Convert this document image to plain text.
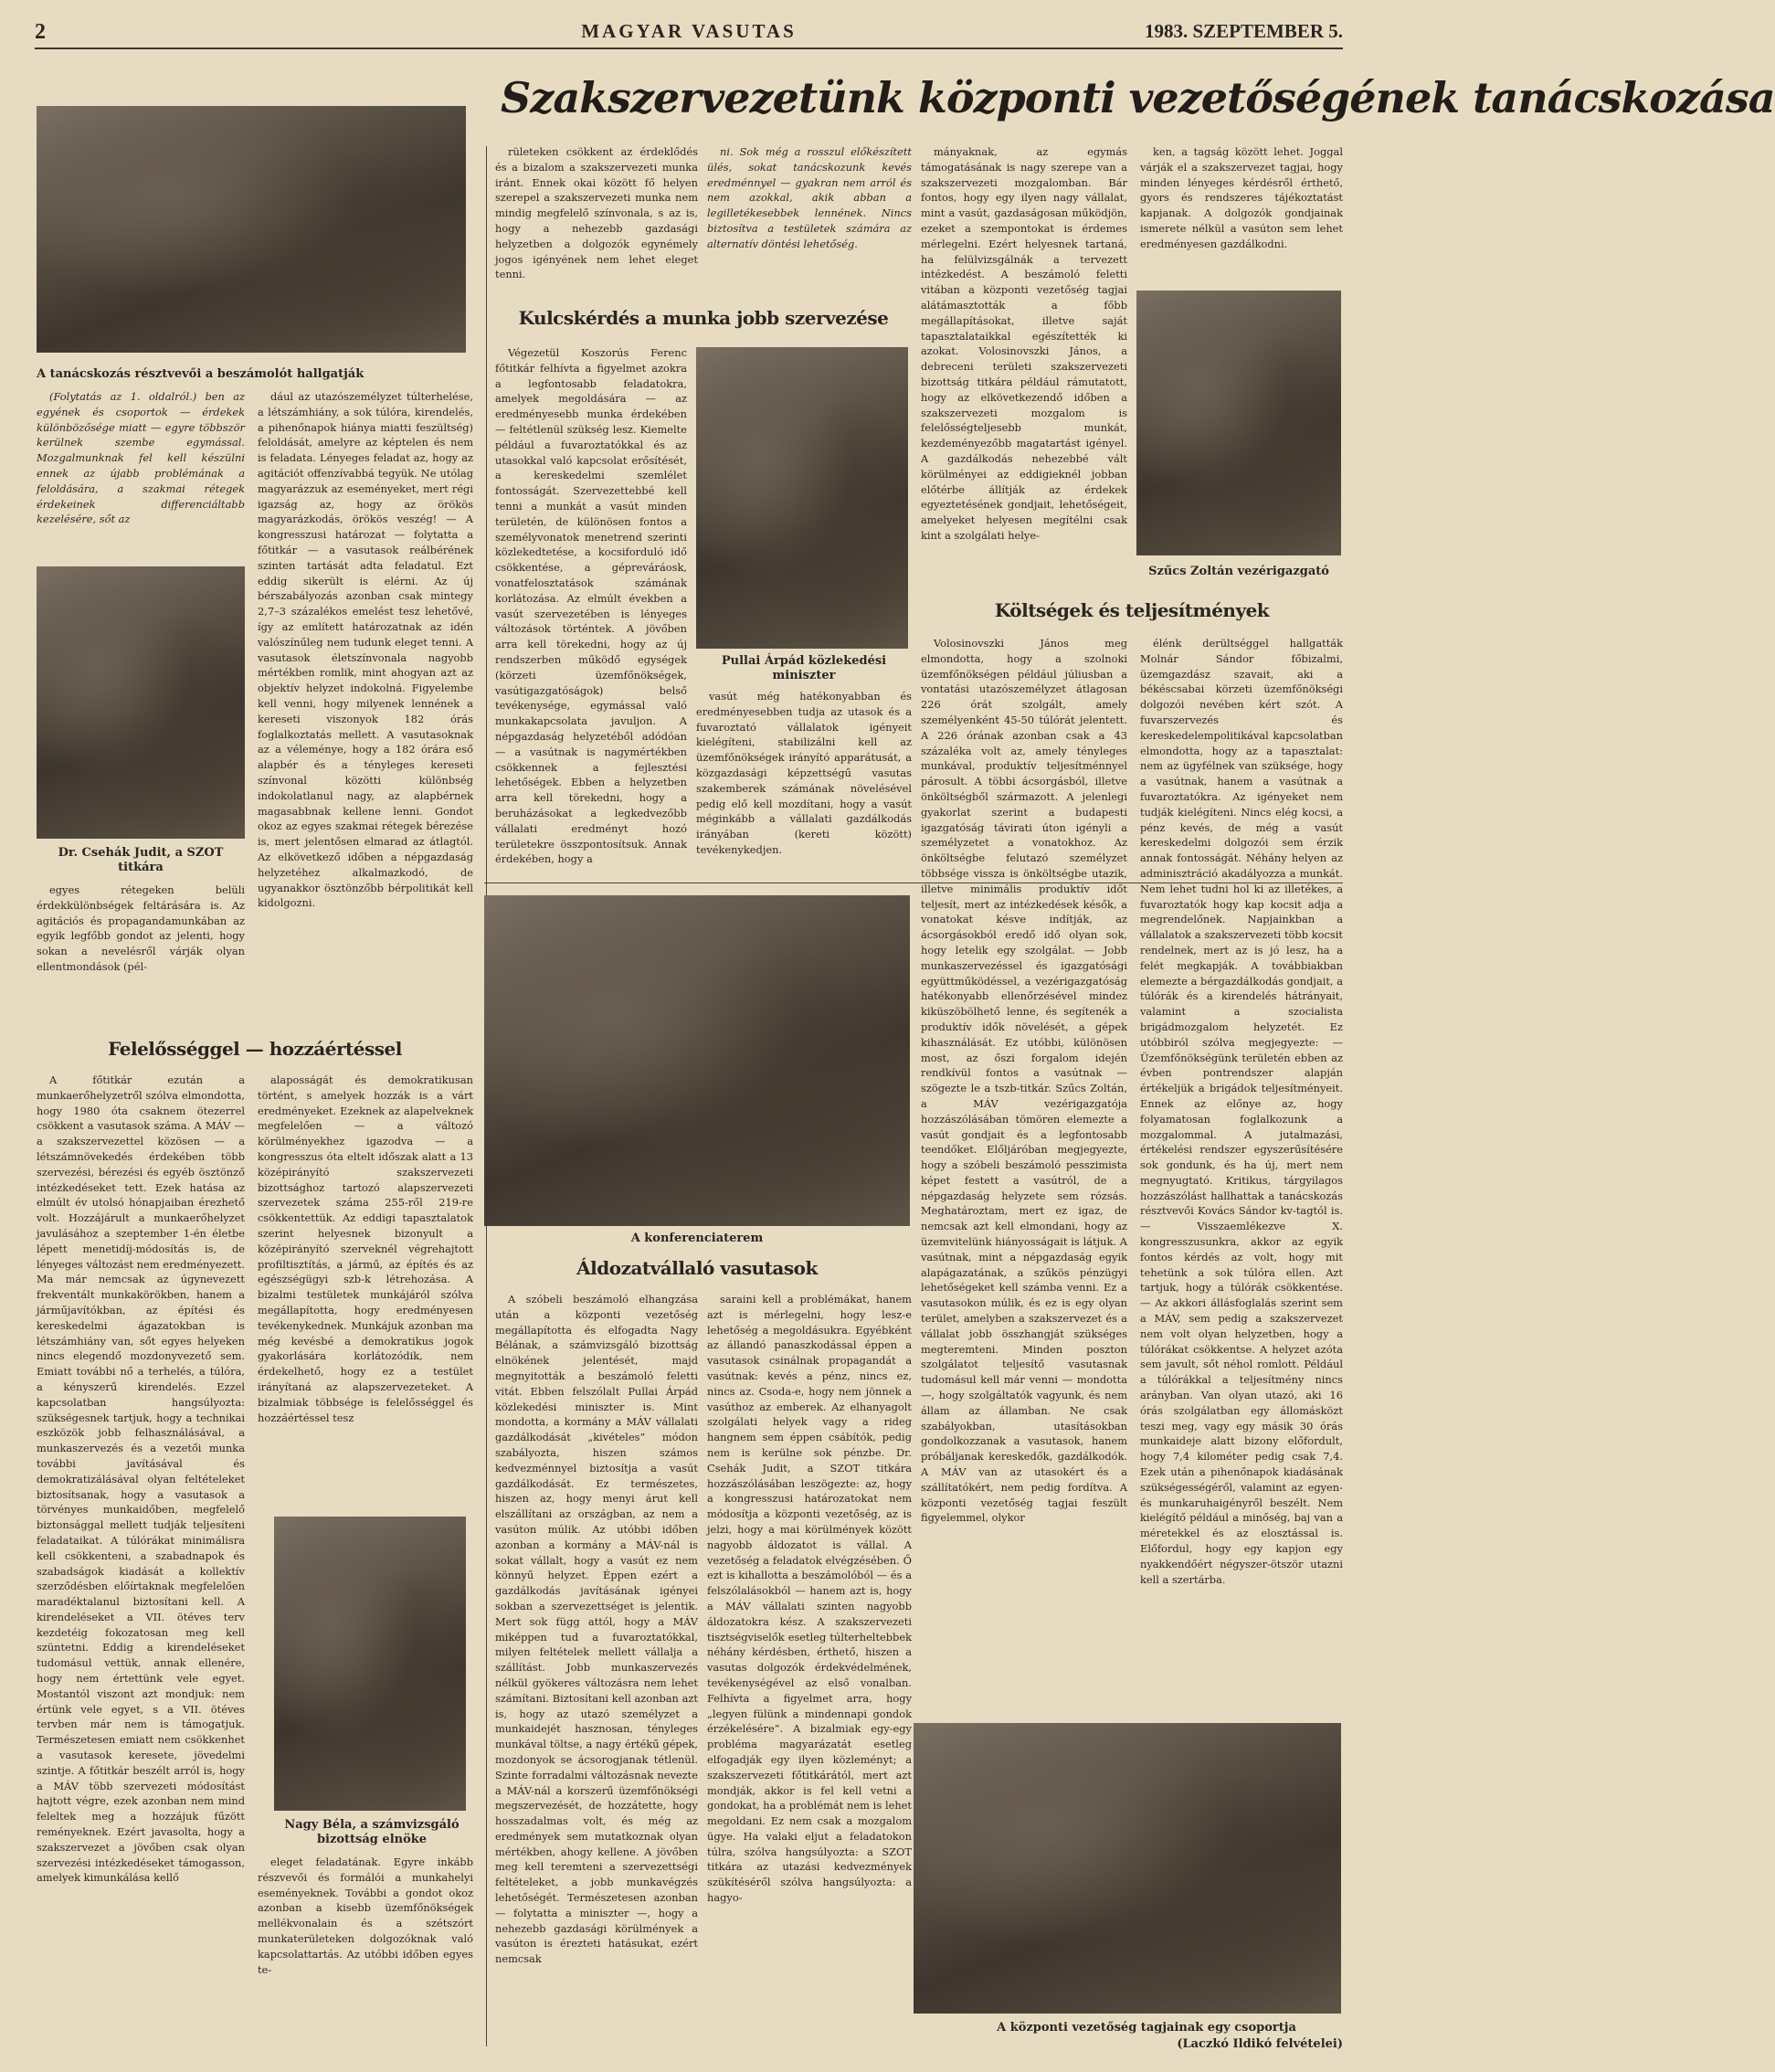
2	MAGYAR VASUTAS	1983. SZEPTEMBER 5.
Szakszervezetünk központi vezetőségének tanácskozása
A tanácskozás résztvevői a beszámolót hallgatják

(Folytatás az 1. oldalról.) ben az egyének és csoportok — érdekek különbözősége miatt — egyre többször kerülnek szembe egymással. Mozgalmunknak fel kell készülni ennek az újabb problémának a feloldására, a szakmai rétegek érdekeinek differenciáltabb kezelésére, sőt az

dául az utazószemélyzet túlterhelése, a létszámhiány, a sok túlóra, kirendelés, a pihenőnapok hiánya miatti feszültség) feloldását, amelyre az képtelen és nem is feladata. Lényeges feladat az, hogy az agitációt offenzívabbá tegyük. Ne utólag magyarázzuk az eseményeket, mert régi igazság az, hogy az örökös magyarázkodás, örökös veszég! — A kongresszusi határozat — folytatta a főtitkár — a vasutasok reálbérének szinten tartását adta feladatul. Ezt eddig sikerült is elérni. Az új bérszabályozás azonban csak mintegy 2,7–3 százalékos emelést tesz lehetővé, így az említett határozatnak az idén valószínűleg nem tudunk eleget tenni. A vasutasok életszínvonala nagyobb mértékben romlik, mint ahogyan azt az objektív helyzet indokolná. Figyelembe kell venni, hogy milyenek lennének a kereseti viszonyok 182 órás foglalkoztatás mellett. A vasutasoknak az a véleménye, hogy a 182 órára eső alapbér és a tényleges kereseti színvonal közötti különbség indokolatlanul nagy, az alapbérnek magasabbnak kellene lenni. Gondot okoz az egyes szakmai rétegek bérezése is, mert jelentősen elmarad az átlagtól. Az elkövetkező időben a népgazdaság helyzetéhez alkalmazkodó, de ugyanakkor ösztönzőbb bérpolitikát kell kidolgozni.

Dr. Csehák Judit, a SZOT titkára

egyes rétegeken belüli érdekkülönbségek feltárására is. Az agitációs és propagandamunkában az egyik legfőbb gondot az jelenti, hogy sokan a nevelésről várják olyan ellentmondások (pél-

Felelősséggel — hozzáértéssel

A főtitkár ezután a munkaerőhelyzetről szólva elmondotta, hogy 1980 óta csaknem ötezerrel csökkent a vasutasok száma. A MÁV — a szakszervezettel közösen — a létszámnövekedés érdekében több szervezési, bérezési és egyéb ösztönző intézkedéseket tett. Ezek hatása az elmúlt év utolsó hónapjaiban érezhető volt. Hozzájárult a munkaerőhelyzet javulásához a szeptember 1-én életbe lépett menetidíj-módosítás is, de lényeges változást nem eredményezett. Ma már nemcsak az úgynevezett frekventált munkakörökben, hanem a járműjavítókban, az építési és kereskedelmi ágazatokban is létszámhiány van, sőt egyes helyeken nincs elegendő mozdonyvezető sem. Emiatt további nő a terhelés, a túlóra, a kényszerű kirendelés. Ezzel kapcsolatban hangsúlyozta: szükségesnek tartjuk, hogy a technikai eszközök jobb felhasználásával, a munkaszervezés és a vezetői munka további javításával és demokratizálásával olyan feltételeket biztosítsanak, hogy a vasutasok a törvényes munkaidőben, megfelelő biztonsággal mellett tudják teljesíteni feladataikat. A túlórákat minimálisra kell csökkenteni, a szabadnapok és szabadságok kiadását a kollektív szerződésben előírtaknak megfelelően maradéktalanul biztosítani kell. A kirendeléseket a VII. ötéves terv kezdetéig fokozatosan meg kell szüntetni. Eddig a kirendeléseket tudomásul vettük, annak ellenére, hogy nem értettünk vele egyet. Mostantól viszont azt mondjuk: nem értünk vele egyet, s a VII. ötéves tervben már nem is támogatjuk. Természetesen emiatt nem csökkenhet a vasutasok keresete, jövedelmi szintje. A főtitkár beszélt arról is, hogy a MÁV több szervezeti módosítást hajtott végre, ezek azonban nem mind feleltek meg a hozzájuk fűzött reményeknek. Ezért javasolta, hogy a szakszervezet a jövőben csak olyan szervezési intézkedéseket támogasson, amelyek kimunkálása kellő

alaposságát és demokratikusan történt, s amelyek hozzák is a várt eredményeket. Ezeknek az alapelveknek megfelelően — a változó körülményekhez igazodva — a kongresszus óta eltelt időszak alatt a 13 középirányító szakszervezeti bizottsághoz tartozó alapszervezeti szervezetek száma 255-ről 219-re csökkentettük. Az eddigi tapasztalatok szerint helyesnek bizonyult a középirányító szerveknél végrehajtott profiltisztítás, a jármű, az építés és az egészségügyi szb-k létrehozása. A bizalmi testületek munkájáról szólva megállapította, hogy eredményesen tevékenykednek. Munkájuk azonban ma még kevésbé a demokratikus jogok gyakorlására korlátozódik, nem érdekelhető, hogy ez a testület irányítaná az alapszervezeteket. A bizalmiak többsége is felelősséggel és hozzáértéssel tesz

Nagy Béla, a számvizsgáló bizottság elnöke

eleget feladatának. Egyre inkább részvevői és formálói a munkahelyi eseményeknek. További a gondot okoz azonban a kisebb üzemfőnökségek mellékvonalain és a szétszórt munkaterületeken dolgozóknak való kapcsolattartás. Az utóbbi időben egyes te-

rületeken csökkent az érdeklődés és a bizalom a szakszervezeti munka iránt. Ennek okai között fő helyen szerepel a szakszervezeti munka nem mindig megfelelő színvonala, s az is, hogy a nehezebb gazdasági helyzetben a dolgozók egynémely jogos igényének nem lehet eleget tenni.

ni. Sok még a rosszul előkészített ülés, sokat tanácskozunk kevés eredménnyel — gyakran nem arról és nem azokkal, akik abban a legilletékesebbek lennének. Nincs biztosítva a testületek számára az alternatív döntési lehetőség.

Kulcskérdés a munka jobb szervezése

Végezetül Koszorús Ferenc főtitkár felhívta a figyelmet azokra a legfontosabb feladatokra, amelyek megoldására — az eredményesebb munka érdekében — feltétlenül szükség lesz. Kiemelte például a fuvaroztatókkal és az utasokkal való kapcsolat erősítését, a kereskedelmi szemlélet fontosságát. Szervezettebbé kell tenni a munkát a vasút minden területén, de különösen fontos a személyvonatok menetrend szerinti közlekedtetése, a kocsiforduló idő csökkentése, a gépreváráosk, vonatfelosztatások számának korlátozása. Az elmúlt években a vasút szervezetében is lényeges változások történtek. A jövőben arra kell törekedni, hogy az új rendszerben működő egységek (körzeti üzemfőnökségek, vasútigazgatóságok) belső tevékenysége, egymással való munkakapcsolata javuljon. A népgazdaság helyzetéből adódóan — a vasútnak is nagymértékben csökkennek a fejlesztési lehetőségek. Ebben a helyzetben arra kell törekedni, hogy a beruházásokat a legkedvezőbb vállalati eredményt hozó területekre összpontosítsuk. Annak érdekében, hogy a

Pullai Árpád közlekedési miniszter

vasút még hatékonyabban és eredményesebben tudja az utasok és a fuvaroztató vállalatok igényeit kielégíteni, stabilizálni kell az üzemfőnökségek irányító apparátusát, a közgazdasági képzettségű vasutas szakemberek számának növelésével pedig elő kell mozdítani, hogy a vasút méginkább a vállalati gazdálkodás irányában (kereti között) tevékenykedjen.

A konferenciaterem
Áldozatvállaló vasutasok

A szóbeli beszámoló elhangzása után a központi vezetőség megállapította és elfogadta Nagy Bélának, a számvizsgáló bizottság elnökének jelentését, majd megnyitották a beszámoló feletti vitát. Ebben felszólalt Pullai Árpád közlekedési miniszter is. Mint mondotta, a kormány a MÁV vállalati gazdálkodását „kivételes” módon szabályozta, hiszen számos kedvezménnyel biztosítja a vasút gazdálkodását. Ez természetes, hiszen az, hogy menyi árut kell elszállítani az országban, az nem a vasúton múlik. Az utóbbi időben azonban a kormány a MÁV-nál is sokat vállalt, hogy a vasút ez nem könnyű helyzet. Éppen ezért a gazdálkodás javításának igényei sokban a szervezettséget is jelentik. Mert sok függ attól, hogy a MÁV miképpen tud a fuvaroztatókkal, milyen feltételek mellett vállalja a szállítást. Jobb munkaszervezés nélkül gyökeres változásra nem lehet számítani. Biztosítani kell azonban azt is, hogy az utazó személyzet a munkaidejét hasznosan, tényleges munkával töltse, a nagy értékű gépek, mozdonyok se ácsorogjanak tétlenül. Szinte forradalmi változásnak nevezte a MÁV-nál a korszerű üzemfőnökségi megszervezését, de hozzátette, hogy hosszadalmas volt, és még az eredmények sem mutatkoznak olyan mértékben, ahogy kellene. A jövőben meg kell teremteni a szervezettségi feltételeket, a jobb munkavégzés lehetőségét. Természetesen azonban — folytatta a miniszter —, hogy a nehezebb gazdasági körülmények a vasúton is érezteti hatásukat, ezért nemcsak

saraini kell a problémákat, hanem azt is mérlegelni, hogy lesz-e lehetőség a megoldásukra. Egyébként az állandó panaszkodással éppen a vasutasok csinálnak propagandát a vasútnak: kevés a pénz, nincs ez, nincs az. Csoda-e, hogy nem jönnek a vasúthoz az emberek. Az elhanyagolt szolgálati helyek vagy a rideg hangnem sem éppen csábítók, pedig nem is kerülne sok pénzbe. Dr. Csehák Judit, a SZOT titkára hozzászólásában leszögezte: az, hogy a kongresszusi határozatokat nem módosítja a központi vezetőség, az is jelzi, hogy a mai körülmények között nagyobb áldozatot is vállal. A vezetőség a feladatok elvégzésében. Ő ezt is kihallotta a beszámolóból — és a felszólalásokból — hanem azt is, hogy a MÁV vállalati szinten nagyobb áldozatokra kész. A szakszervezeti tisztségviselők esetleg túlterheltebbek néhány kérdésben, érthető, hiszen a vasutas dolgozók érdekvédelmének, tevékenységével az első vonalban. Felhívta a figyelmet arra, hogy „legyen fülünk a mindennapi gondok érzékelésére”. A bizalmiak egy-egy probléma magyarázatát esetleg elfogadják egy ilyen közleményt; a szakszervezeti főtitkárától, mert azt mondják, akkor is fel kell vetni a gondokat, ha a problémát nem is lehet megoldani. Ez nem csak a mozgalom ügye. Ha valaki eljut a feladatokon túlra, szólva hangsúlyozta: a SZOT titkára az utazási kedvezmények szükítéséről szólva hangsúlyozta: a hagyo-

mányaknak, az egymás támogatásának is nagy szerepe van a szakszervezeti mozgalomban. Bár fontos, hogy egy ilyen nagy vállalat, mint a vasút, gazdaságosan működjön, ezeket a szempontokat is érdemes mérlegelni. Ezért helyesnek tartaná, ha felülvizsgálnák a tervezett intézkedést. A beszámoló feletti vitában a központi vezetőség tagjai alátámasztották a főbb megállapításokat, illetve saját tapasztalataikkal egészítették ki azokat. Volosinovszki János, a debreceni területi szakszervezeti bizottság titkára például rámutatott, hogy az elkövetkezendő időben a szakszervezeti mozgalom is felelősségteljesebb munkát, kezdeményezőbb magatartást igényel. A gazdálkodás nehezebbé vált körülményei az eddigieknél jobban előtérbe állítják az érdekek egyeztetésének gondjait, lehetőségeit, amelyeket helyesen megítélni csak kint a szolgálati helye-

ken, a tagság között lehet. Joggal várják el a szakszervezet tagjai, hogy minden lényeges kérdésről érthető, gyors és rendszeres tájékoztatást kapjanak. A dolgozók gondjainak ismerete nélkül a vasúton sem lehet eredményesen gazdálkodni.

Szűcs Zoltán vezérigazgató
Költségek és teljesítmények

Volosinovszki János meg elmondotta, hogy a szolnoki üzemfőnökségen például júliusban a vontatási utazószemélyzet átlagosan 226 órát szolgált, amely személyenként 45-50 túlórát jelentett. A 226 órának azonban csak a 43 százaléka volt az, amely tényleges munkával, produktív teljesítménnyel párosult. A többi ácsorgásból, illetve önköltségből származott. A jelenlegi gyakorlat szerint a budapesti igazgatóság távirati úton igényli a személyzetet a vonatokhoz. Az önköltségbe felutazó személyzet többsége vissza is önköltségbe utazik, illetve minimális produktív időt teljesít, mert az intézkedések késők, a vonatokat késve indítják, az ácsorgásokból eredő idő olyan sok, hogy letelik egy szolgálat. — Jobb munkaszervezéssel és igazgatósági együttműködéssel, a vezérigazgatóság hatékonyabb ellenőrzésével mindez kiküszöbölhető lenne, és segítenék a produktív idők növelését, a gépek kihasználását. Ez utóbbi, különösen most, az őszi forgalom idején rendkívül fontos a vasútnak — szögezte le a tszb-titkár. Szűcs Zoltán, a MÁV vezérigazgatója hozzászólásában tömören elemezte a vasút gondjait és a legfontosabb teendőket. Előljáróban megjegyezte, hogy a szóbeli beszámoló pesszimista képet festett a vasútról, de a népgazdaság helyzete sem rózsás. Meghatároztam, mert ez igaz, de nemcsak azt kell elmondani, hogy az üzemvitelünk hiányosságait is látjuk. A vasútnak, mint a népgazdaság egyik alapágazatának, a szűkös pénzügyi lehetőségeket kell számba venni. Ez a vasutasokon múlik, és ez is egy olyan terület, amelyben a szakszervezet és a vállalat jobb összhangját szükséges megteremteni. Minden poszton szolgálatot teljesítő vasutasnak tudomásul kell már venni — mondotta —, hogy szolgáltatók vagyunk, és nem állam az államban. Ne csak szabályokban, utasításokban gondolkozzanak a vasutasok, hanem próbáljanak kereskedők, gazdálkodók. A MÁV van az utasokért és a szállítatókért, nem pedig fordítva. A központi vezetőség tagjai feszült figyelemmel, olykor

élénk derültséggel hallgatták Molnár Sándor főbizalmi, üzemgazdász szavait, aki a békéscsabai körzeti üzemfőnökségi dolgozói nevében kért szót. A fuvarszervezés és kereskedelempolitikával kapcsolatban elmondotta, hogy az a tapasztalat: nem az ügyfélnek van szüksége, hogy a vasútnak, hanem a vasútnak a fuvaroztatókra. Az igényeket nem tudják kielégíteni. Nincs elég kocsi, a pénz kevés, de még a vasút kereskedelmi dolgozói sem érzik annak fontosságát. Néhány helyen az adminisztráció akadályozza a munkát. Nem lehet tudni hol ki az illetékes, a fuvaroztatók hogy kap kocsit adja a megrendelőnek. Napjainkban a vállalatok a szakszervezeti több kocsit rendelnek, mert az is jó lesz, ha a felét megkapják. A továbbiakban elemezte a bérgazdálkodás gondjait, a túlórák és a kirendelés hátrányait, valamint a szocialista brigádmozgalom helyzetét. Ez utóbbiról szólva megjegyezte: — Üzemfőnökségünk területén ebben az évben pontrendszer alapján értékeljük a brigádok teljesítményeit. Ennek az előnye az, hogy folyamatosan foglalkozunk a mozgalommal. A jutalmazási, értékelési rendszer egyszerűsítésére sok gondunk, és ha új, mert nem megnyugtató. Kritikus, tárgyilagos hozzászólást hallhattak a tanácskozás résztvevői Kovács Sándor kv-tagtól is. — Visszaemlékezve X. kongresszusunkra, akkor az egyik fontos kérdés az volt, hogy mit tehetünk a sok túlóra ellen. Azt tartjuk, hogy a túlórák csökkentése. — Az akkori állásfoglalás szerint sem a MÁV, sem pedig a szakszervezet nem volt olyan helyzetben, hogy a túlórákat csökkentse. A helyzet azóta sem javult, sőt néhol romlott. Például a túlórákkal a teljesítmény nincs arányban. Van olyan utazó, aki 16 órás szolgálatban egy állomásközt teszi meg, vagy egy másik 30 órás munkaideje alatt bizony előfordult, hogy 7,4 kilométer pedig csak 7,4. Ezek után a pihenőnapok kiadásának szükségességéről, valamint az egyen- és munkaruhaigényről beszélt. Nem kielégítő például a minőség, baj van a méretekkel és az elosztással is. Előfordul, hogy egy kapjon egy nyakkendőért négyszer-ötször utazni kell a szertárba.

A központi vezetőség tagjainak egy csoportja
(Laczkó Ildikó felvételei)
